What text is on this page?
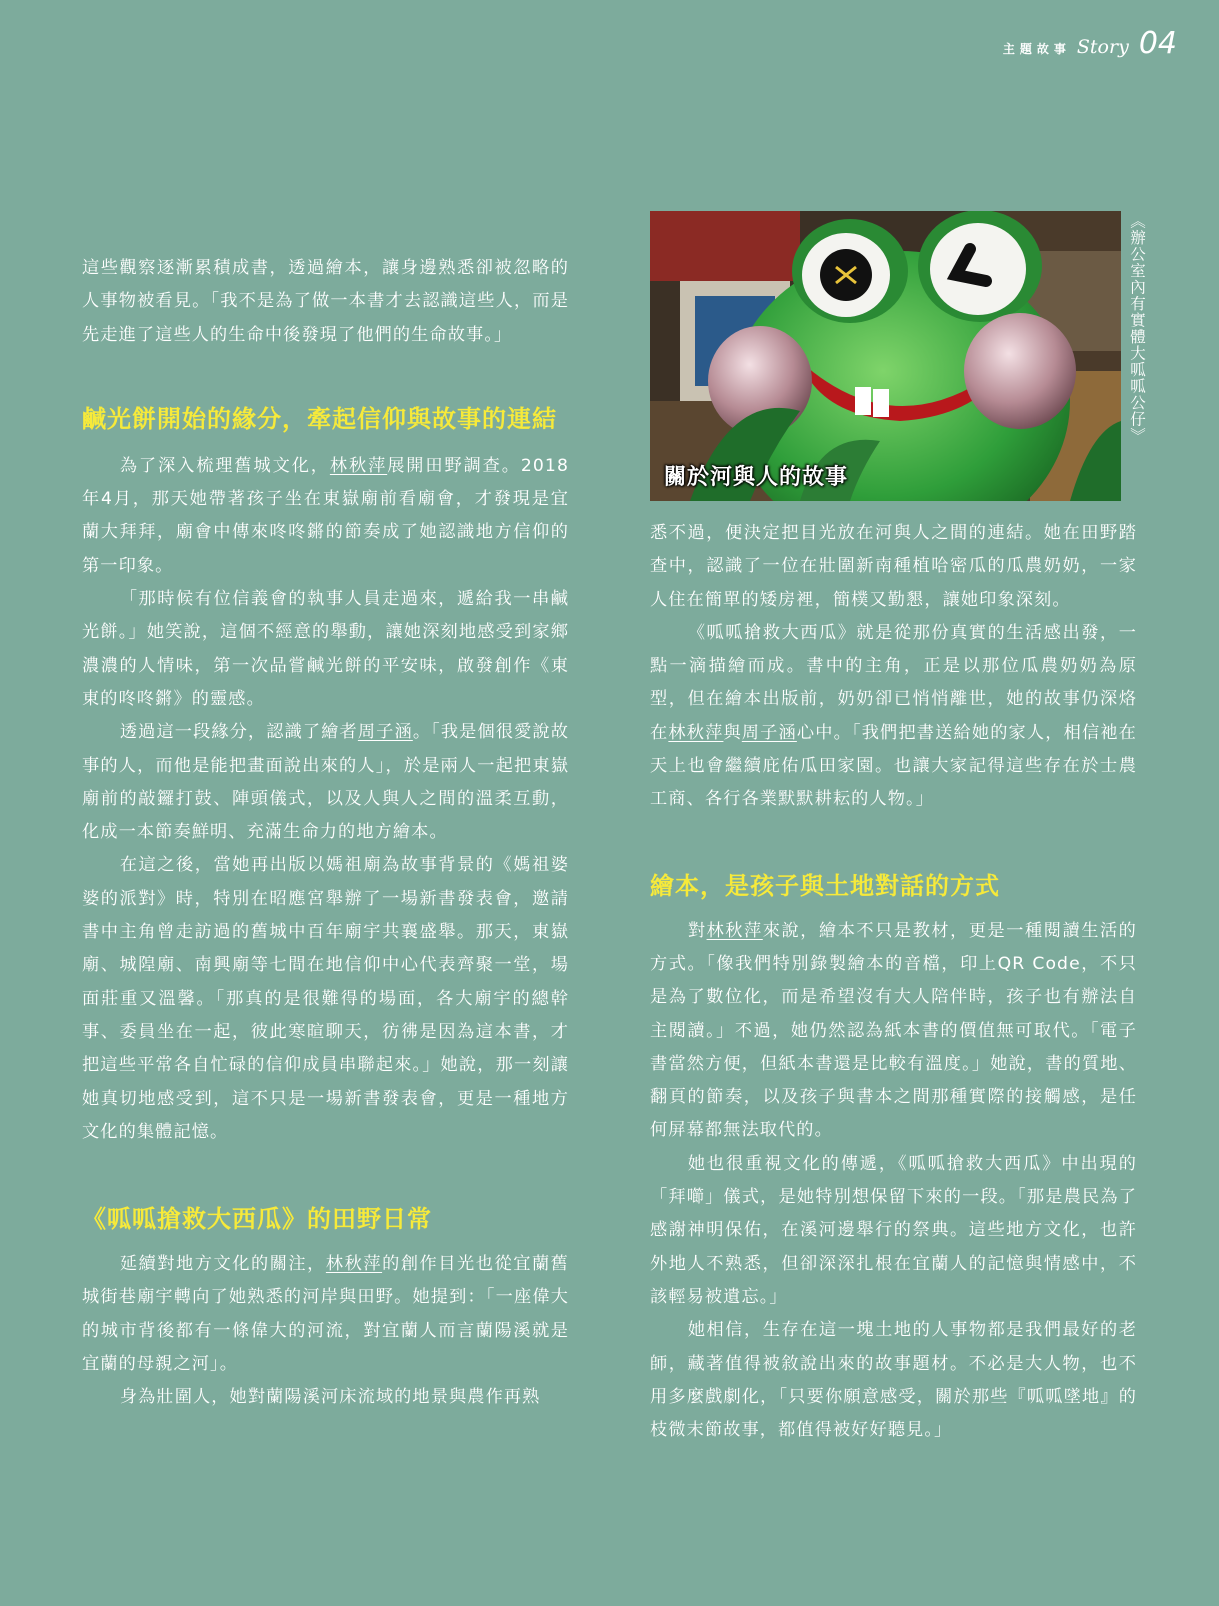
主題故事 Story 04
關於河與人的故事
《辦公室內有實體大呱呱公仔》

這些觀察逐漸累積成書，透過繪本，讓身邊熟悉卻被忽略的人事物被看見。「我不是為了做一本書才去認識這些人，而是先走進了這些人的生命中後發現了他們的生命故事。」

鹹光餅開始的緣分，牽起信仰與故事的連結

為了深入梳理舊城文化，林秋萍展開田野調查。2018年4月，那天她帶著孩子坐在東嶽廟前看廟會，才發現是宜蘭大拜拜，廟會中傳來咚咚鏘的節奏成了她認識地方信仰的第一印象。

「那時候有位信義會的執事人員走過來，遞給我一串鹹光餅。」她笑說，這個不經意的舉動，讓她深刻地感受到家鄉濃濃的人情味，第一次品嘗鹹光餅的平安味，啟發創作《東東的咚咚鏘》的靈感。

透過這一段緣分，認識了繪者周子涵。「我是個很愛說故事的人，而他是能把畫面說出來的人」，於是兩人一起把東嶽廟前的敲鑼打鼓、陣頭儀式，以及人與人之間的溫柔互動，化成一本節奏鮮明、充滿生命力的地方繪本。

在這之後，當她再出版以媽祖廟為故事背景的《媽祖婆婆的派對》時，特別在昭應宮舉辦了一場新書發表會，邀請書中主角曾走訪過的舊城中百年廟宇共襄盛舉。那天，東嶽廟、城隍廟、南興廟等七間在地信仰中心代表齊聚一堂，場面莊重又溫馨。「那真的是很難得的場面，各大廟宇的總幹事、委員坐在一起，彼此寒暄聊天，彷彿是因為這本書，才把這些平常各自忙碌的信仰成員串聯起來。」她說，那一刻讓她真切地感受到，這不只是一場新書發表會，更是一種地方文化的集體記憶。

《呱呱搶救大西瓜》的田野日常

延續對地方文化的關注，林秋萍的創作目光也從宜蘭舊城街巷廟宇轉向了她熟悉的河岸與田野。她提到：「一座偉大的城市背後都有一條偉大的河流，對宜蘭人而言蘭陽溪就是宜蘭的母親之河」。

身為壯圍人，她對蘭陽溪河床流域的地景與農作再熟

悉不過，便決定把目光放在河與人之間的連結。她在田野踏查中，認識了一位在壯圍新南種植哈密瓜的瓜農奶奶，一家人住在簡單的矮房裡，簡樸又勤懇，讓她印象深刻。

《呱呱搶救大西瓜》就是從那份真實的生活感出發，一點一滴描繪而成。書中的主角，正是以那位瓜農奶奶為原型，但在繪本出版前，奶奶卻已悄悄離世，她的故事仍深烙在林秋萍與周子涵心中。「我們把書送給她的家人，相信祂在天上也會繼續庇佑瓜田家園。也讓大家記得這些存在於士農工商、各行各業默默耕耘的人物。」

繪本，是孩子與土地對話的方式

對林秋萍來說，繪本不只是教材，更是一種閱讀生活的方式。「像我們特別錄製繪本的音檔，印上QR Code，不只是為了數位化，而是希望沒有大人陪伴時，孩子也有辦法自主閱讀。」不過，她仍然認為紙本書的價值無可取代。「電子書當然方便，但紙本書還是比較有溫度。」她說，書的質地、翻頁的節奏，以及孩子與書本之間那種實際的接觸感，是任何屏幕都無法取代的。

她也很重視文化的傳遞，《呱呱搶救大西瓜》中出現的「拜㘉」儀式，是她特別想保留下來的一段。「那是農民為了感謝神明保佑，在溪河邊舉行的祭典。這些地方文化，也許外地人不熟悉，但卻深深扎根在宜蘭人的記憶與情感中，不該輕易被遺忘。」

她相信，生存在這一塊土地的人事物都是我們最好的老師，藏著值得被敘說出來的故事題材。不必是大人物，也不用多麼戲劇化，「只要你願意感受，關於那些『呱呱墜地』的枝微末節故事，都值得被好好聽見。」
